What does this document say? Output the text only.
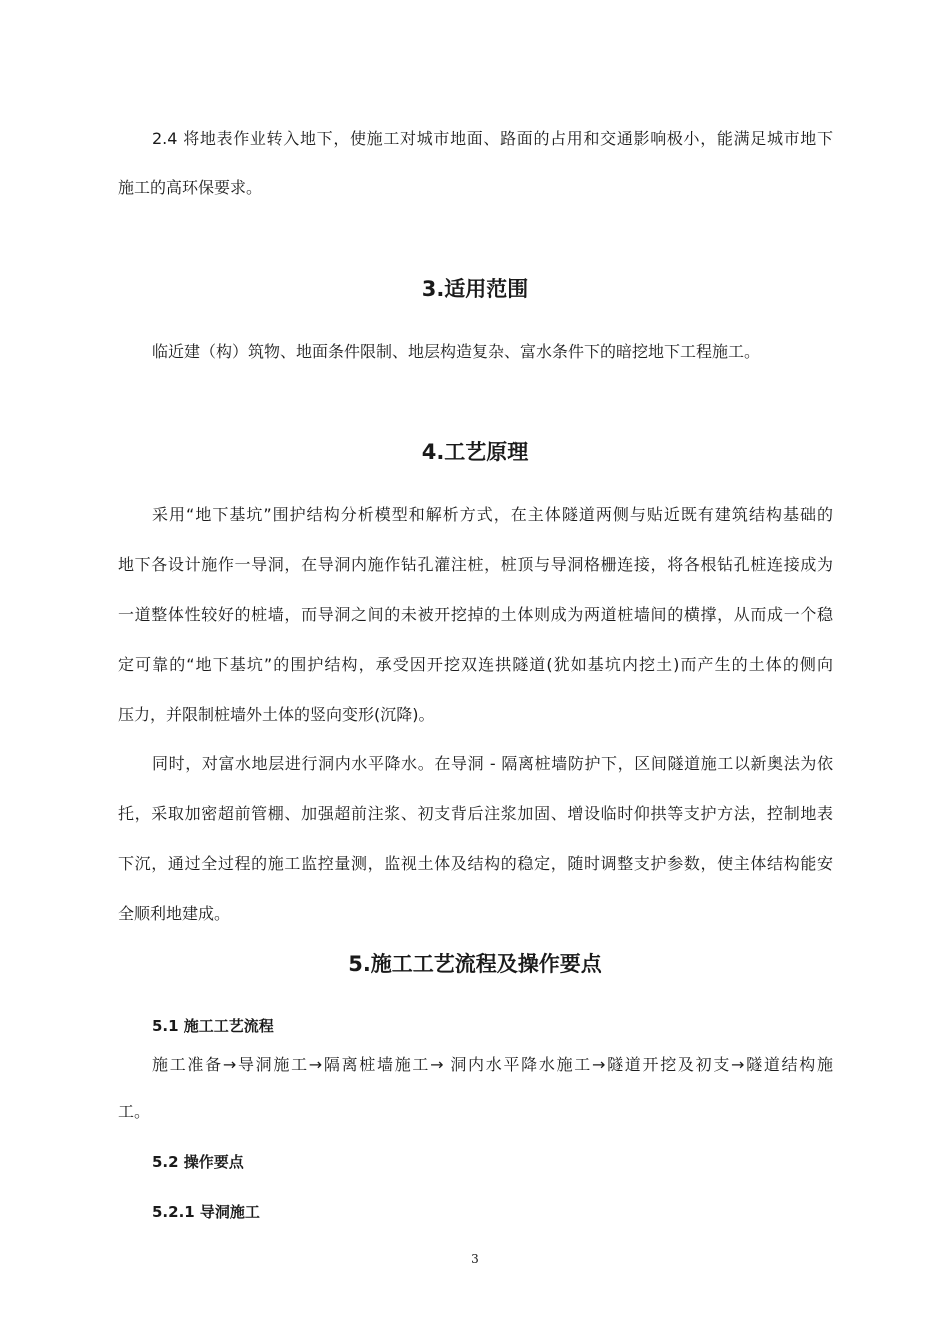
2.4 将地表作业转入地下，使施工对城市地面、路面的占用和交通影响极小，能满足城市地下

施工的高环保要求。

3.适用范围

临近建（构）筑物、地面条件限制、地层构造复杂、富水条件下的暗挖地下工程施工。

4.工艺原理

采用“地下基坑”围护结构分析模型和解析方式，在主体隧道两侧与贴近既有建筑结构基础的

地下各设计施作一导洞，在导洞内施作钻孔灌注桩，桩顶与导洞格栅连接，将各根钻孔桩连接成为

一道整体性较好的桩墙，而导洞之间的未被开挖掉的土体则成为两道桩墙间的横撑，从而成一个稳

定可靠的“地下基坑”的围护结构，承受因开挖双连拱隧道(犹如基坑内挖土)而产生的土体的侧向

压力，并限制桩墙外土体的竖向变形(沉降)。

同时，对富水地层进行洞内水平降水。在导洞 - 隔离桩墙防护下，区间隧道施工以新奥法为依

托，采取加密超前管棚、加强超前注浆、初支背后注浆加固、增设临时仰拱等支护方法，控制地表

下沉，通过全过程的施工监控量测，监视土体及结构的稳定，随时调整支护参数，使主体结构能安

全顺利地建成。

5.施工工艺流程及操作要点
5.1 施工工艺流程

施工准备→导洞施工→隔离桩墙施工→ 洞内水平降水施工→隧道开挖及初支→隧道结构施

工。

5.2 操作要点
5.2.1 导洞施工
3
